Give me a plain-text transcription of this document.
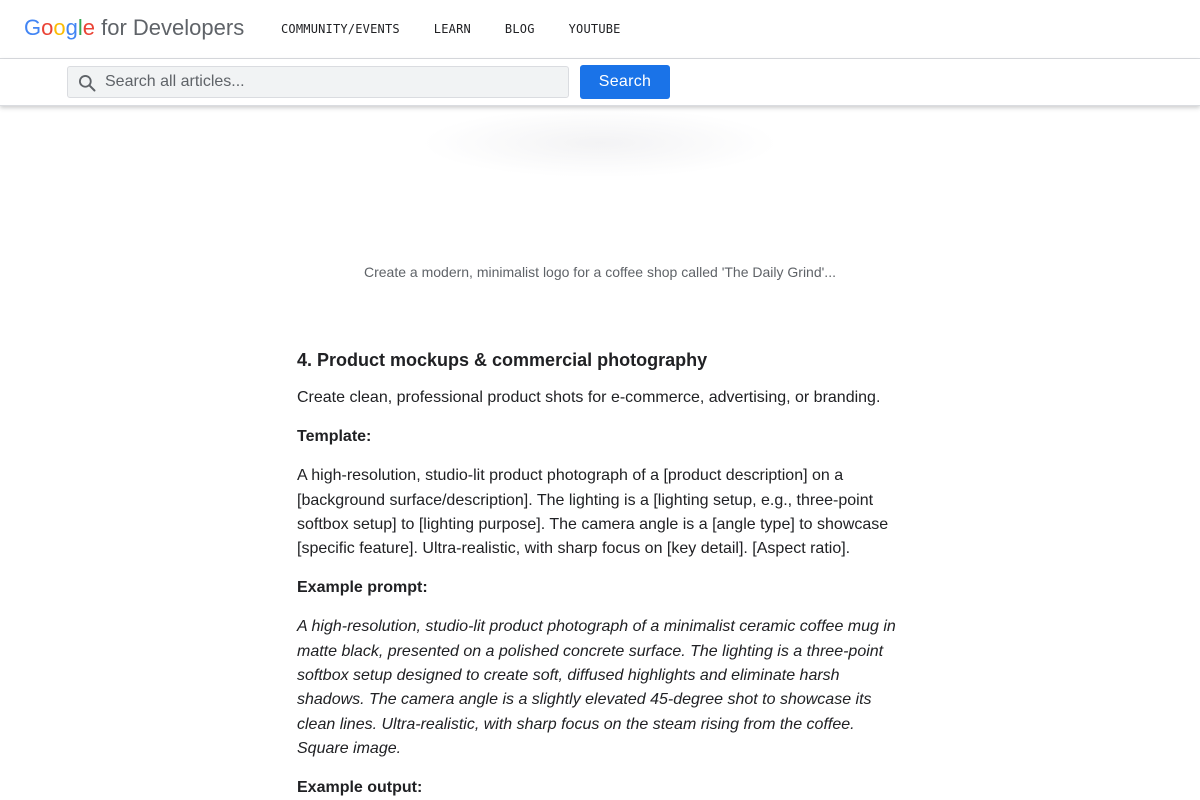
Google for Developers	COMMUNITY/EVENTS	LEARN	BLOG	YOUTUBE
Search all articles...
Search
Create a modern, minimalist logo for a coffee shop called 'The Daily Grind'...
4. Product mockups & commercial photography

Create clean, professional product shots for e-commerce, advertising, or branding.

Template:

A high-resolution, studio-lit product photograph of a [product description] on a [background surface/description]. The lighting is a [lighting setup, e.g., three-point softbox setup] to [lighting purpose]. The camera angle is a [angle type] to showcase [specific feature]. Ultra-realistic, with sharp focus on [key detail]. [Aspect ratio].

Example prompt:

A high-resolution, studio-lit product photograph of a minimalist ceramic coffee mug in matte black, presented on a polished concrete surface. The lighting is a three-point softbox setup designed to create soft, diffused highlights and eliminate harsh shadows. The camera angle is a slightly elevated 45-degree shot to showcase its clean lines. Ultra-realistic, with sharp focus on the steam rising from the coffee. Square image.

Example output:
